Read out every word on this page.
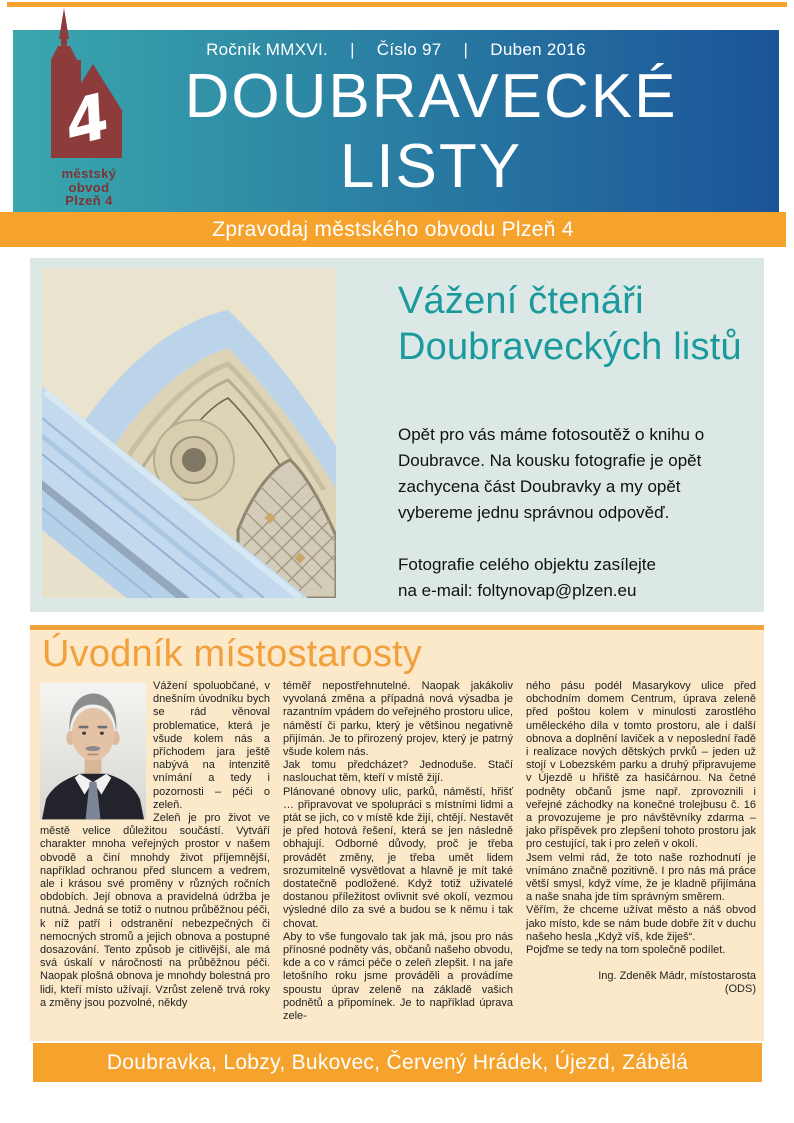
Ročník MMXVI. | Číslo 97 | Duben 2016
DOUBRAVECKÉ
LISTY
4
městský
obvod
Plzeň 4
Zpravodaj městského obvodu Plzeň 4
Vážení čtenáři
Doubraveckých listů
Opět pro vás máme fotosoutěž o knihu o Doubravce. Na kousku fotografie je opět zachycena část Doubravky a my opět vybereme jednu správnou odpověď.
Fotografie celého objektu zasílejte
na e-mail: foltynovap@plzen.eu
Úvodník místostarosty
Vážení spoluobčané, v dnešním úvodníku bych se rád věnoval problematice, která je všude kolem nás a příchodem jara ještě nabývá na intenzitě vnímání a tedy i pozornosti – péči o zeleň.
Zeleň je pro život ve městě velice důležitou součástí. Vytváří charakter mnoha veřejných prostor v našem obvodě a činí mnohdy život příjemnější, například ochranou před sluncem a vedrem, ale i krásou své proměny v různých ročních obdobích. Její obnova a pravidelná údržba je nutná. Jedná se totiž o nutnou průběžnou péči, k níž patří i odstranění nebezpečných či nemocných stromů a jejich obnova a postupné dosazování. Tento způsob je citlivější, ale má svá úskalí v náročnosti na průběžnou péči. Naopak plošná obnova je mnohdy bolestná pro lidi, kteří místo užívají. Vzrůst zeleně trvá roky a změny jsou pozvolné, někdy
téměř nepostřehnutelné. Naopak jakákoliv vyvolaná změna a případná nová výsadba je razantním vpádem do veřejného prostoru ulice, náměstí či parku, který je většinou negativně přijímán. Je to přirozený projev, který je patrný všude kolem nás.
Jak tomu předcházet? Jednoduše. Stačí naslouchat těm, kteří v místě žijí.
Plánované obnovy ulic, parků, náměstí, hřišť … připravovat ve spolupráci s místními lidmi a ptát se jich, co v místě kde žijí, chtějí. Nestavět je před hotová řešení, která se jen následně obhajují. Odborné důvody, proč je třeba provádět změny, je třeba umět lidem srozumitelně vysvětlovat a hlavně je mít také dostatečně podložené. Když totiž uživatelé dostanou příležitost ovlivnit své okolí, vezmou výsledné dílo za své a budou se k němu i tak chovat.
Aby to vše fungovalo tak jak má, jsou pro nás přínosné podněty vás, občanů našeho obvodu, kde a co v rámci péče o zeleň zlepšit. I na jaře letošního roku jsme prováděli a provádíme spoustu úprav zeleně na základě vašich podnětů a připomínek. Je to například úprava zele-
ného pásu podél Masarykovy ulice před obchodním domem Centrum, úprava zeleně před poštou kolem v minulosti zarostlého uměleckého díla v tomto prostoru, ale i další obnova a doplnění laviček a v neposlední řadě i realizace nových dětských prvků – jeden už stojí v Lobezském parku a druhý připravujeme v Újezdě u hřiště za hasičárnou. Na četné podněty občanů jsme např. zprovoznili i veřejné záchodky na konečné trolejbusu č. 16 a provozujeme je pro návštěvníky zdarma – jako příspěvek pro zlepšení tohoto prostoru jak pro cestující, tak i pro zeleň v okolí.
Jsem velmi rád, že toto naše rozhodnutí je vnímáno značně pozitivně. I pro nás má práce větší smysl, když víme, že je kladně přijímána a naše snaha jde tím správným směrem.
Věřím, že chceme užívat město a náš obvod jako místo, kde se nám bude dobře žít v duchu našeho hesla „Když víš, kde žiješ“.
Pojďme se tedy na tom společně podílet.
Ing. Zdeněk Mádr, místostarosta
(ODS)
Doubravka, Lobzy, Bukovec, Červený Hrádek, Újezd, Zábělá
